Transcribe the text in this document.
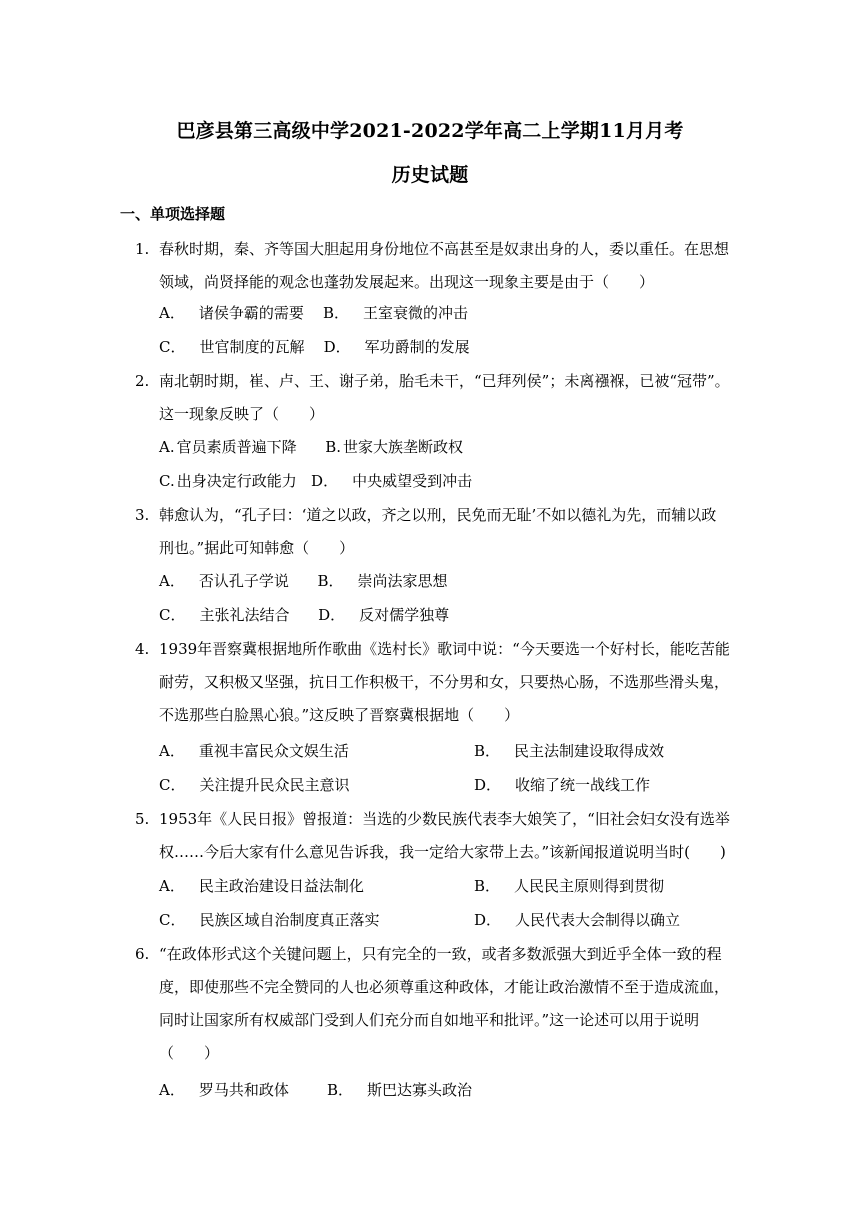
巴彦县第三高级中学2021-2022学年高二上学期11月月考
历史试题
一、单项选择题
1. 春秋时期，秦、齐等国大胆起用身份地位不高甚至是奴隶出身的人，委以重任。在思想
领域，尚贤择能的观念也蓬勃发展起来。出现这一现象主要是由于（　　）
A． 诸侯争霸的需要 B． 王室衰微的冲击
C． 世官制度的瓦解 D． 军功爵制的发展
2. 南北朝时期，崔、卢、王、谢子弟，胎毛未干，“已拜列侯”；未离襁褓，已被“冠带”。
这一现象反映了（　　）
A. 官员素质普遍下降 B. 世家大族垄断政权
C. 出身决定行政能力 D． 中央威望受到冲击
3. 韩愈认为，“孔子曰：‘道之以政，齐之以刑，民免而无耻’不如以德礼为先，而辅以政
刑也。”据此可知韩愈（　　）
A． 否认孔子学说 B． 崇尚法家思想
C． 主张礼法结合 D． 反对儒学独尊
4. 1939年晋察冀根据地所作歌曲《选村长》歌词中说：“今天要选一个好村长，能吃苦能
耐劳，又积极又坚强，抗日工作积极干，不分男和女，只要热心肠，不选那些滑头鬼，
不选那些白脸黑心狼。”这反映了晋察冀根据地（　　）
A． 重视丰富民众文娱生活	B． 民主法制建设取得成效
C． 关注提升民众民主意识	D． 收缩了统一战线工作
5. 1953年《人民日报》曾报道：当选的少数民族代表李大娘笑了，“旧社会妇女没有选举
权……今后大家有什么意见告诉我，我一定给大家带上去。”该新闻报道说明当时(　　)
A． 民主政治建设日益法制化	B． 人民民主原则得到贯彻
C． 民族区域自治制度真正落实	D． 人民代表大会制得以确立
6. “在政体形式这个关键问题上，只有完全的一致，或者多数派强大到近乎全体一致的程
度，即使那些不完全赞同的人也必须尊重这种政体，才能让政治激情不至于造成流血，
同时让国家所有权威部门受到人们充分而自如地平和批评。”这一论述可以用于说明
（　　）
A． 罗马共和政体	B． 斯巴达寡头政治
